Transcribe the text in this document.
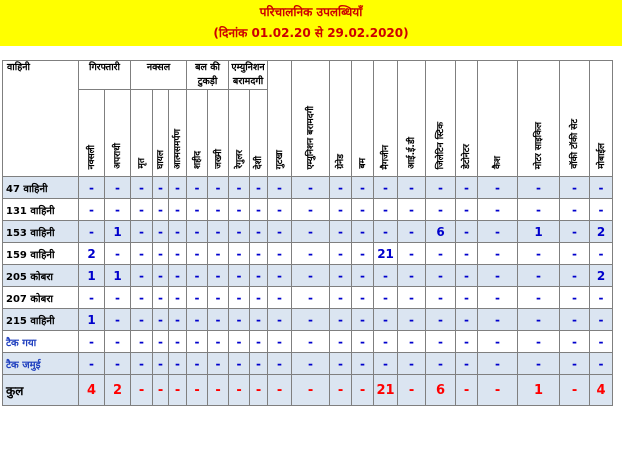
परिचालनिक उपलब्धियाँ
(दिनांक 01.02.20 से 29.02.2020)
वाहिनी	गिरफ्तारी		नक्सल			बल की टुकड़ी		एम्युनिशन बरामदगी		गुटखा	एम्युनिशन बरामदगी	ग्रेनेड	बम	मैगजीन	आई.ई.डी	जिलेटिन स्टिक	डेटोनेटर	कैश	मोटर साइकिल	वॉकी टॉकी सेट	मोबाईल
	नक्सली	अपराधी	मृत	घायल	आत्मसमर्पण	शहीद	जख्मी	रेगुलर	देशी												
47 वाहिनी	-	-	-	-	-	-	-	-	-	-	-	-	-	-	-	-	-	-	-	-	-
131 वाहिनी	-	-	-	-	-	-	-	-	-	-	-	-	-	-	-	-	-	-	-	-	-
153 वाहिनी	-	1	-	-	-	-	-	-	-	-	-	-	-	-	-	6	-	-	1	-	2
159 वाहिनी	2	-	-	-	-	-	-	-	-	-	-	-	-	21	-	-	-	-	-	-	-
205 कोबरा	1	1	-	-	-	-	-	-	-	-	-	-	-	-	-	-	-	-	-	-	2
207 कोबरा	-	-	-	-	-	-	-	-	-	-	-	-	-	-	-	-	-	-	-	-	-
215 वाहिनी	1	-	-	-	-	-	-	-	-	-	-	-	-	-	-	-	-	-	-	-	-
टैक गया	-	-	-	-	-	-	-	-	-	-	-	-	-	-	-	-	-	-	-	-	-
टैक जमुई	-	-	-	-	-	-	-	-	-	-	-	-	-	-	-	-	-	-	-	-	-
कुल	4	2	-	-	-	-	-	-	-	-	-	-	-	21	-	6	-	-	1	-	4
